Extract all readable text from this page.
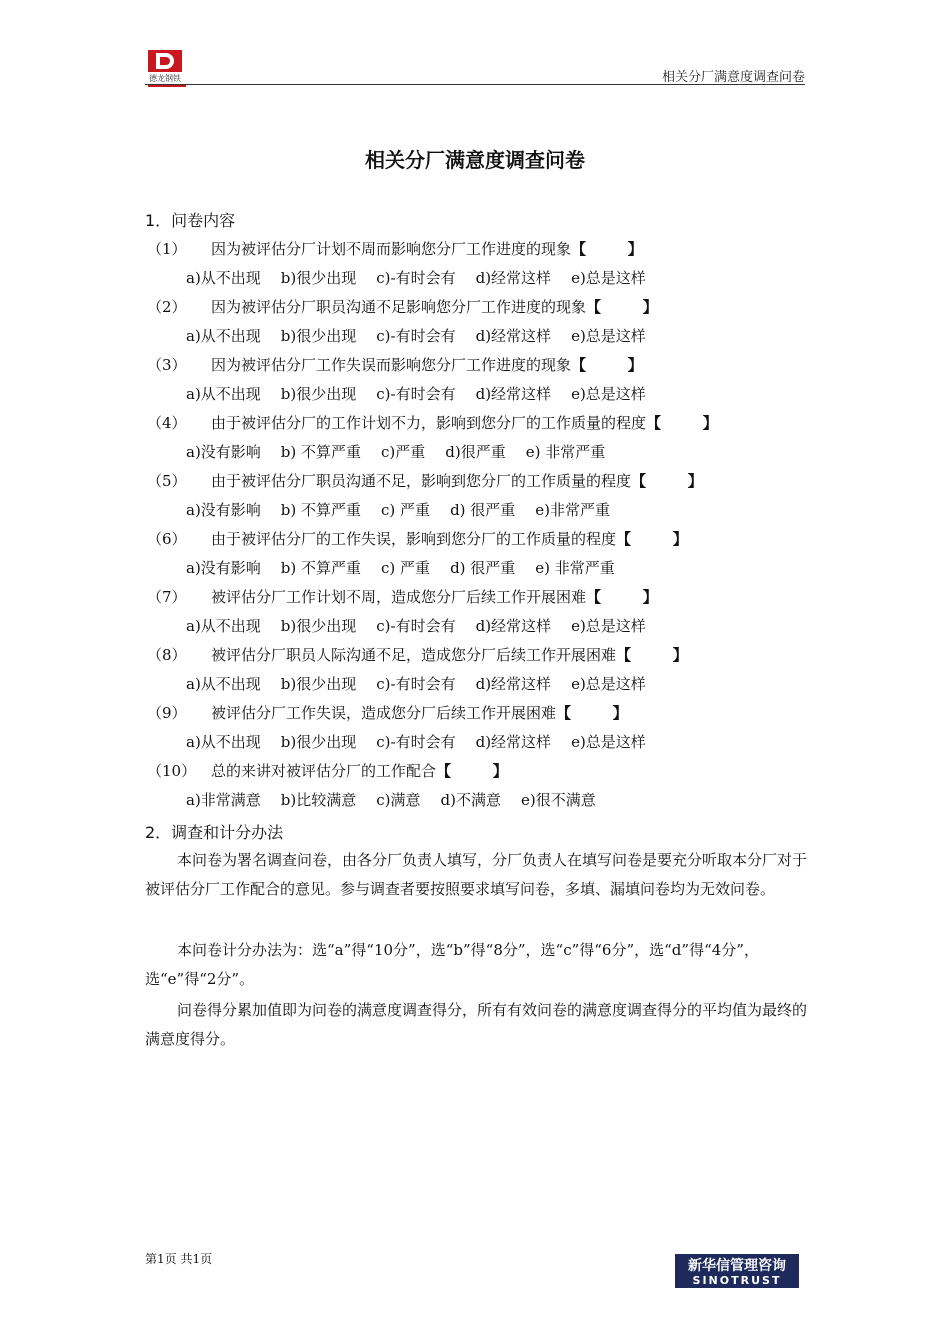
德龙钢铁	相关分厂满意度调查问卷
相关分厂满意度调查问卷
1．问卷内容
（1） 因为被评估分厂计划不周而影响您分厂工作进度的现象【        】
a)从不出现 b)很少出现 c)-有时会有 d)经常这样 e)总是这样
（2） 因为被评估分厂职员沟通不足影响您分厂工作进度的现象【        】
a)从不出现 b)很少出现 c)-有时会有 d)经常这样 e)总是这样
（3） 因为被评估分厂工作失误而影响您分厂工作进度的现象【        】
a)从不出现 b)很少出现 c)-有时会有 d)经常这样 e)总是这样
（4） 由于被评估分厂的工作计划不力，影响到您分厂的工作质量的程度【        】
a)没有影响 b) 不算严重 c)严重 d)很严重 e) 非常严重
（5） 由于被评估分厂职员沟通不足，影响到您分厂的工作质量的程度【        】
a)没有影响 b) 不算严重 c) 严重 d) 很严重 e)非常严重
（6） 由于被评估分厂的工作失误，影响到您分厂的工作质量的程度【        】
a)没有影响 b) 不算严重 c) 严重 d) 很严重 e) 非常严重
（7） 被评估分厂工作计划不周，造成您分厂后续工作开展困难【        】
a)从不出现 b)很少出现 c)-有时会有 d)经常这样 e)总是这样
（8） 被评估分厂职员人际沟通不足，造成您分厂后续工作开展困难【        】
a)从不出现 b)很少出现 c)-有时会有 d)经常这样 e)总是这样
（9） 被评估分厂工作失误，造成您分厂后续工作开展困难【        】
a)从不出现 b)很少出现 c)-有时会有 d)经常这样 e)总是这样
（10） 总的来讲对被评估分厂的工作配合【        】
a)非常满意 b)比较满意 c)满意 d)不满意 e)很不满意
2．调查和计分办法
本问卷为署名调查问卷，由各分厂负责人填写，分厂负责人在填写问卷是要充分听取本分厂对于被评估分厂工作配合的意见。参与调查者要按照要求填写问卷，多填、漏填问卷均为无效问卷。
本问卷计分办法为：选“a”得“10分”，选“b”得“8分”，选“c”得“6分”，选“d”得“4分”，选“e”得“2分”。
问卷得分累加值即为问卷的满意度调查得分，所有有效问卷的满意度调查得分的平均值为最终的满意度得分。
第1页 共1页	新华信管理咨询
SINOTRUST
